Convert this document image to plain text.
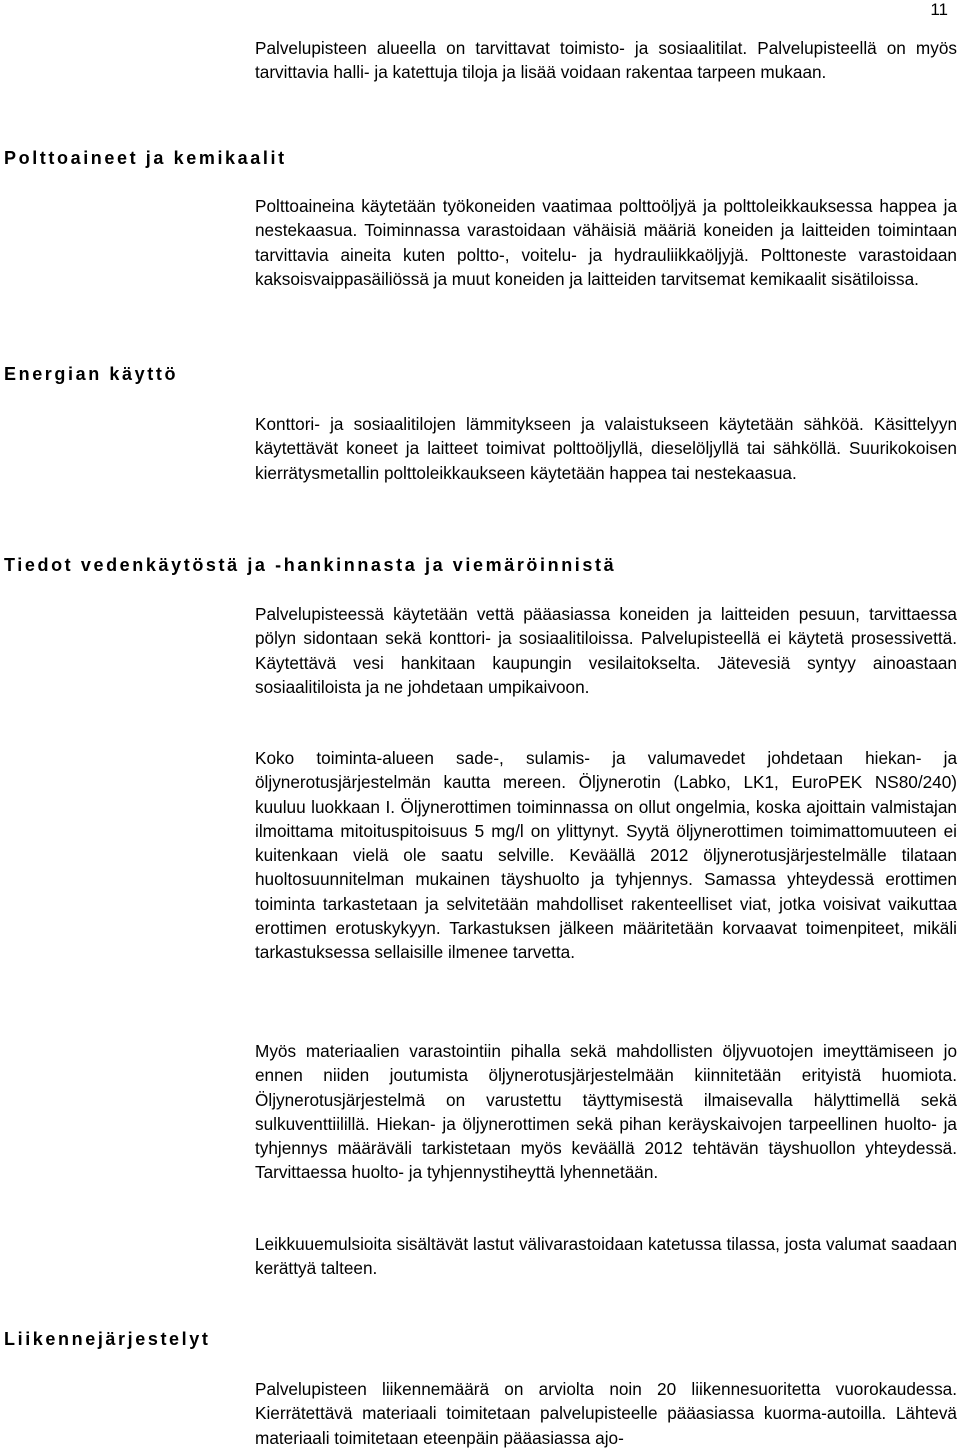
11

Palvelupisteen alueella on tarvittavat toimisto- ja sosiaalitilat. Palvelupisteellä on myös tarvittavia halli- ja katettuja tiloja ja lisää voidaan rakentaa tarpeen mukaan.

Polttoaineet ja kemikaalit

Polttoaineina käytetään työkoneiden vaatimaa polttoöljyä ja polttoleikkauksessa happea ja nestekaasua. Toiminnassa varastoidaan vähäisiä määriä koneiden ja laitteiden toimintaan tarvittavia aineita kuten poltto-, voitelu- ja hydrauliikkaöljyjä. Polttoneste varastoidaan kaksoisvaippasäiliössä ja muut koneiden ja laitteiden tarvitsemat kemikaalit sisätiloissa.

Energian käyttö

Konttori- ja sosiaalitilojen lämmitykseen ja valaistukseen käytetään sähköä. Käsittelyyn käytettävät koneet ja laitteet toimivat polttoöljyllä, dieselöljyllä tai sähköllä. Suurikokoisen kierrätysmetallin polttoleikkaukseen käytetään happea tai nestekaasua.

Tiedot vedenkäytöstä ja -hankinnasta ja viemäröinnistä

Palvelupisteessä käytetään vettä pääasiassa koneiden ja laitteiden pesuun, tarvittaessa pölyn sidontaan sekä konttori- ja sosiaalitiloissa. Palvelupisteellä ei käytetä prosessivettä. Käytettävä vesi hankitaan kaupungin vesilaitokselta. Jätevesiä syntyy ainoastaan sosiaalitiloista ja ne johdetaan umpikaivoon.

Koko toiminta-alueen sade-, sulamis- ja valumavedet johdetaan hiekan- ja öljynerotusjärjestelmän kautta mereen. Öljynerotin (Labko, LK1, EuroPEK NS80/240) kuuluu luokkaan I. Öljynerottimen toiminnassa on ollut ongelmia, koska ajoittain valmistajan ilmoittama mitoituspitoisuus 5 mg/l on ylittynyt. Syytä öljynerottimen toimimattomuuteen ei kuitenkaan vielä ole saatu selville. Keväällä 2012 öljynerotusjärjestelmälle tilataan huoltosuunnitelman mukainen täyshuolto ja tyhjennys. Samassa yhteydessä erottimen toiminta tarkastetaan ja selvitetään mahdolliset rakenteelliset viat, jotka voisivat vaikuttaa erottimen erotuskykyyn. Tarkastuksen jälkeen määritetään korvaavat toimenpiteet, mikäli tarkastuksessa sellaisille ilmenee tarvetta.

Myös materiaalien varastointiin pihalla sekä mahdollisten öljyvuotojen imeyttämiseen jo ennen niiden joutumista öljynerotusjärjestelmään kiinnitetään erityistä huomiota. Öljynerotusjärjestelmä on varustettu täyttymisestä ilmaisevalla hälyttimellä sekä sulkuventtiilillä. Hiekan- ja öljynerottimen sekä pihan keräyskaivojen tarpeellinen huolto- ja tyhjennys määräväli tarkistetaan myös keväällä 2012 tehtävän täyshuollon yhteydessä. Tarvittaessa huolto- ja tyhjennystiheyttä lyhennetään.

Leikkuuemulsioita sisältävät lastut välivarastoidaan katetussa tilassa, josta valumat saadaan kerättyä talteen.

Liikennejärjestelyt

Palvelupisteen liikennemäärä on arviolta noin 20 liikennesuoritetta vuorokaudessa. Kierrätettävä materiaali toimitetaan palvelupisteelle pääasiassa kuorma-autoilla. Lähtevä materiaali toimitetaan eteenpäin pääasiassa ajo-
